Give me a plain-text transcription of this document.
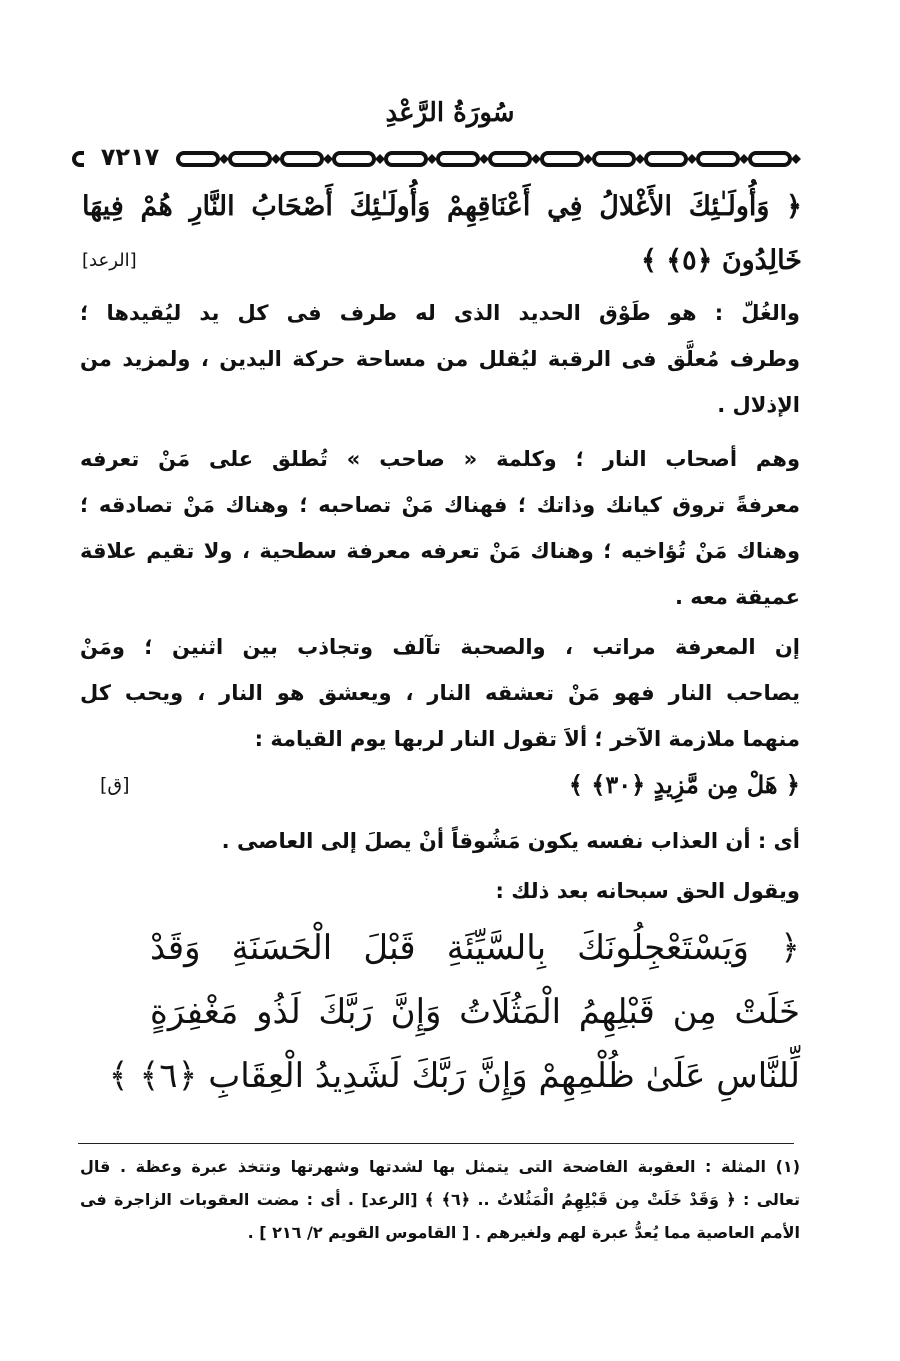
سُورَةُ الرَّعْدِ
٧٢١٧
﴿ وَأُولَـٰئِكَ الأَغْلالُ فِي أَعْنَاقِهِمْ وَأُولَـٰئِكَ أَصْحَابُ النَّارِ هُمْ فِيهَا
خَالِدُونَ ﴿٥﴾ ﴾
[الرعد]
والغُلّ : هو طَوْق الحديد الذى له طرف فى كل يد ليُقيدها ؛
وطرف مُعلَّق فى الرقبة ليُقلل من مساحة حركة اليدين ، ولمزيد من
الإذلال .
وهم أصحاب النار ؛ وكلمة « صاحب » تُطلق على مَنْ تعرفه
معرفةً تروق كيانك وذاتك ؛ فهناك مَنْ تصاحبه ؛ وهناك مَنْ تصادقه ؛
وهناك مَنْ تُؤاخيه ؛ وهناك مَنْ تعرفه معرفة سطحية ، ولا تقيم علاقة
عميقة معه .
إن المعرفة مراتب ، والصحبة تآلف وتجاذب بين اثنين ؛ ومَنْ
يصاحب النار فهو مَنْ تعشقه النار ، ويعشق هو النار ، ويحب كل
منهما ملازمة الآخر ؛ ألاَ تقول النار لربها يوم القيامة :
﴿ هَلْ مِن مَّزِيدٍ ﴿٣٠﴾ ﴾
[ق]
أى : أن العذاب نفسه يكون مَشُوقاً أنْ يصلَ إلى العاصى .
ويقول الحق سبحانه بعد ذلك :
﴿ وَيَسْتَعْجِلُونَكَ بِالسَّيِّئَةِ قَبْلَ الْحَسَنَةِ وَقَدْ
خَلَتْ مِن قَبْلِهِمُ الْمَثُلَاتُ وَإِنَّ رَبَّكَ لَذُو مَغْفِرَةٍ
لِّلنَّاسِ عَلَىٰ ظُلْمِهِمْ وَإِنَّ رَبَّكَ لَشَدِيدُ الْعِقَابِ ﴿٦﴾ ﴾
(١) المثلة : العقوبة الفاضحة التى يتمثل بها لشدتها وشهرتها وتتخذ عبرة وعظة . قال
تعالى : ﴿ وَقَدْ خَلَتْ مِن قَبْلِهِمُ الْمَثُلاتُ .. ﴿٦﴾ ﴾ [الرعد] . أى : مضت العقوبات الزاجرة فى
الأمم العاصية مما يُعدُّ عبرة لهم ولغيرهم . [ القاموس القويم ٢/ ٢١٦ ] .
